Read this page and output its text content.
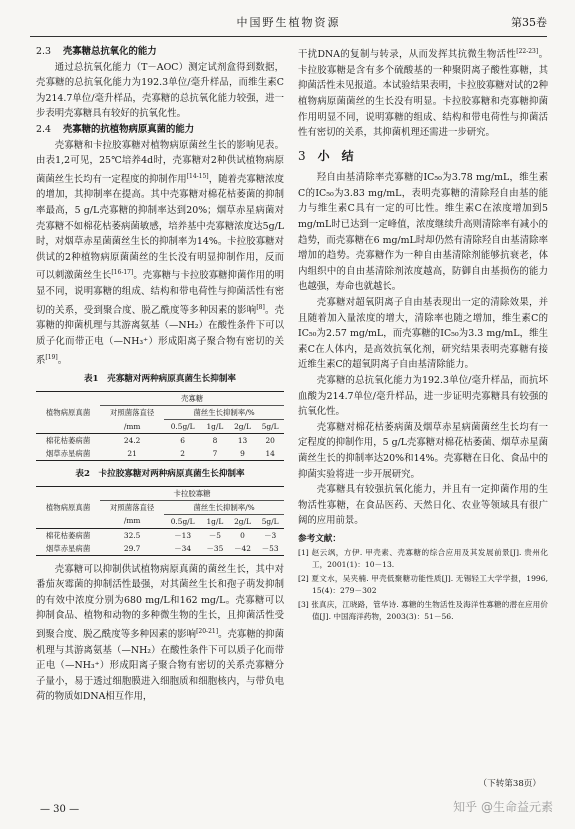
中国野生植物资源	第35卷
2.3 壳寡糖总抗氧化的能力

通过总抗氧化能力（T－AOC）测定试剂盒得到数据，壳寡糖的总抗氧化能力为192.3单位/毫升样品，而维生素C为214.7单位/毫升样品，壳寡糖的总抗氧化能力较强，进一步表明壳寡糖具有较好的抗氧化性。

2.4 壳寡糖的抗植物病原真菌的能力

壳寡糖和卡拉胶寡糖对植物病原菌丝生长的影响见表。由表1,2可见，25℃培养4d时，壳寡糖对2种供试植物病原菌菌丝生长均有一定程度的抑制作用[14-15]，随着壳寡糖浓度的增加，其抑制率在提高。其中壳寡糖对棉花枯萎菌的抑制率最高，5 g/L壳寡糖的抑制率达到20%；烟草赤星病菌对壳寡糖不如棉花枯萎病菌敏感，培养基中壳寡糖浓度达5g/L时，对烟草赤星菌菌丝生长的抑制率为14%。卡拉胶寡糖对供试的2种植物病原菌菌丝的生长没有明显抑制作用，反而可以刺激菌丝生长[16-17]。壳寡糖与卡拉胶寡糖抑菌作用的明显不同，说明寡糖的组成、结构和带电荷性与抑菌活性有密切的关系，受到聚合度、脱乙酰度等多种因素的影响[8]。壳寡糖的抑菌机理与其游离氨基（—NH₂）在酸性条件下可以质子化而带正电（—NH₃⁺）形成阳离子聚合物有密切的关系[19]。

表1　壳寡糖对两种病原真菌生长抑制率
植物病原真菌	壳寡糖				
	对照菌落直径	菌丝生长抑制率/%			
	/mm	0.5g/L	1g/L	2g/L	5g/L
棉花枯萎病菌	24.2	6	8	13	20
烟草赤星病菌	21	2	7	9	14
表2　卡拉胶寡糖对两种病原真菌生长抑制率
植物病原真菌	卡拉胶寡糖				
	对照菌落直径	菌丝生长抑制率/%			
	/mm	0.5g/L	1g/L	2g/L	5g/L
棉花枯萎病菌	32.5	－13	－5	0	－3
烟草赤星病菌	29.7	－34	－35	－42	－53

壳寡糖可以抑制供试植物病原真菌的菌丝生长，其中对番茄灰霉菌的抑制活性最强，对其菌丝生长和孢子萌发抑制的有效中浓度分别为680 mg/L和162 mg/L。壳寡糖可以抑制食品、植物和动物的多种微生物的生长，且抑菌活性受到聚合度、脱乙酰度等多种因素的影响[20-21]。壳寡糖的抑菌机理与其游离氨基（—NH₂）在酸性条件下可以质子化而带正电（—NH₃⁺）形成阳离子聚合物有密切的关系壳寡糖分子量小，易于透过细胞膜进入细胞质和细胞核内，与带负电荷的物质如DNA相互作用，

干扰DNA的复制与转录，从而发挥其抗微生物活性[22-23]。卡拉胶寡糖是含有多个硫酸基的一种聚阴离子酸性寡糖，其抑菌活性未见报道。本试验结果表明，卡拉胶寡糖对试的2种植物病原菌菌丝的生长没有明显。卡拉胶寡糖和壳寡糖抑菌作用明显不同，说明寡糖的组成、结构和带电荷性与抑菌活性有密切的关系，其抑菌机理还需进一步研究。

3 小　结

羟自由基清除率壳寡糖的IC₅₀为3.78 mg/mL，维生素C的IC₅₀为3.83 mg/mL，表明壳寡糖的清除羟自由基的能力与维生素C具有一定的可比性。维生素C在浓度增加到5 mg/mL时已达到一定峰值，浓度继续升高则清除率有减小的趋势，而壳寡糖在6 mg/mL时却仍然有清除羟自由基清除率增加的趋势。壳寡糖作为一种自由基清除剂能够抗衰老，体内组织中的自由基清除剂浓度越高，防御自由基损伤的能力也越强，寿命也就越长。

壳寡糖对超氧阴离子自由基表现出一定的清除效果，并且随着加入量浓度的增大，清除率也随之增加，维生素C的IC₅₀为2.57 mg/mL，而壳寡糖的IC₅₀为3.3 mg/mL，维生素C在人体内，是高效抗氧化剂，研究结果表明壳寡糖有接近维生素C的超氧阴离子自由基清除能力。

壳寡糖的总抗氧化能力为192.3单位/毫升样品，而抗坏血酸为214.7单位/毫升样品，进一步证明壳寡糖具有较强的抗氧化性。

壳寡糖对棉花枯萎病菌及烟草赤星病菌菌丝生长均有一定程度的抑制作用，5 g/L壳寡糖对棉花枯萎菌、烟草赤星菌菌丝生长的抑制率达20%和14%。壳寡糖在日化、食品中的抑菌实验将进一步开展研究。

壳寡糖具有较强抗氧化能力，并且有一定抑菌作用的生物活性寡糖，在食品医药、天然日化、农业等领域具有很广阔的应用前景。

参考文献：
[1] 赵云飒，方伊. 甲壳素、壳寡糖的综合应用及其发展前景[J]. 贵州化工，2001(1)：10－13.
[2] 夏文水，吴夹楠. 甲壳低聚糖功能性质[J]. 无锡轻工大学学报，1996, 15(4)：279－302
[3] 张真庆，江晓路，管华诗. 寡糖的生物活性及海洋性寡糖的潜在应用价值[J]. 中国海洋药物，2003(3)：51－56.
（下转第38页）
— 30 —	知乎 @生命益元素
